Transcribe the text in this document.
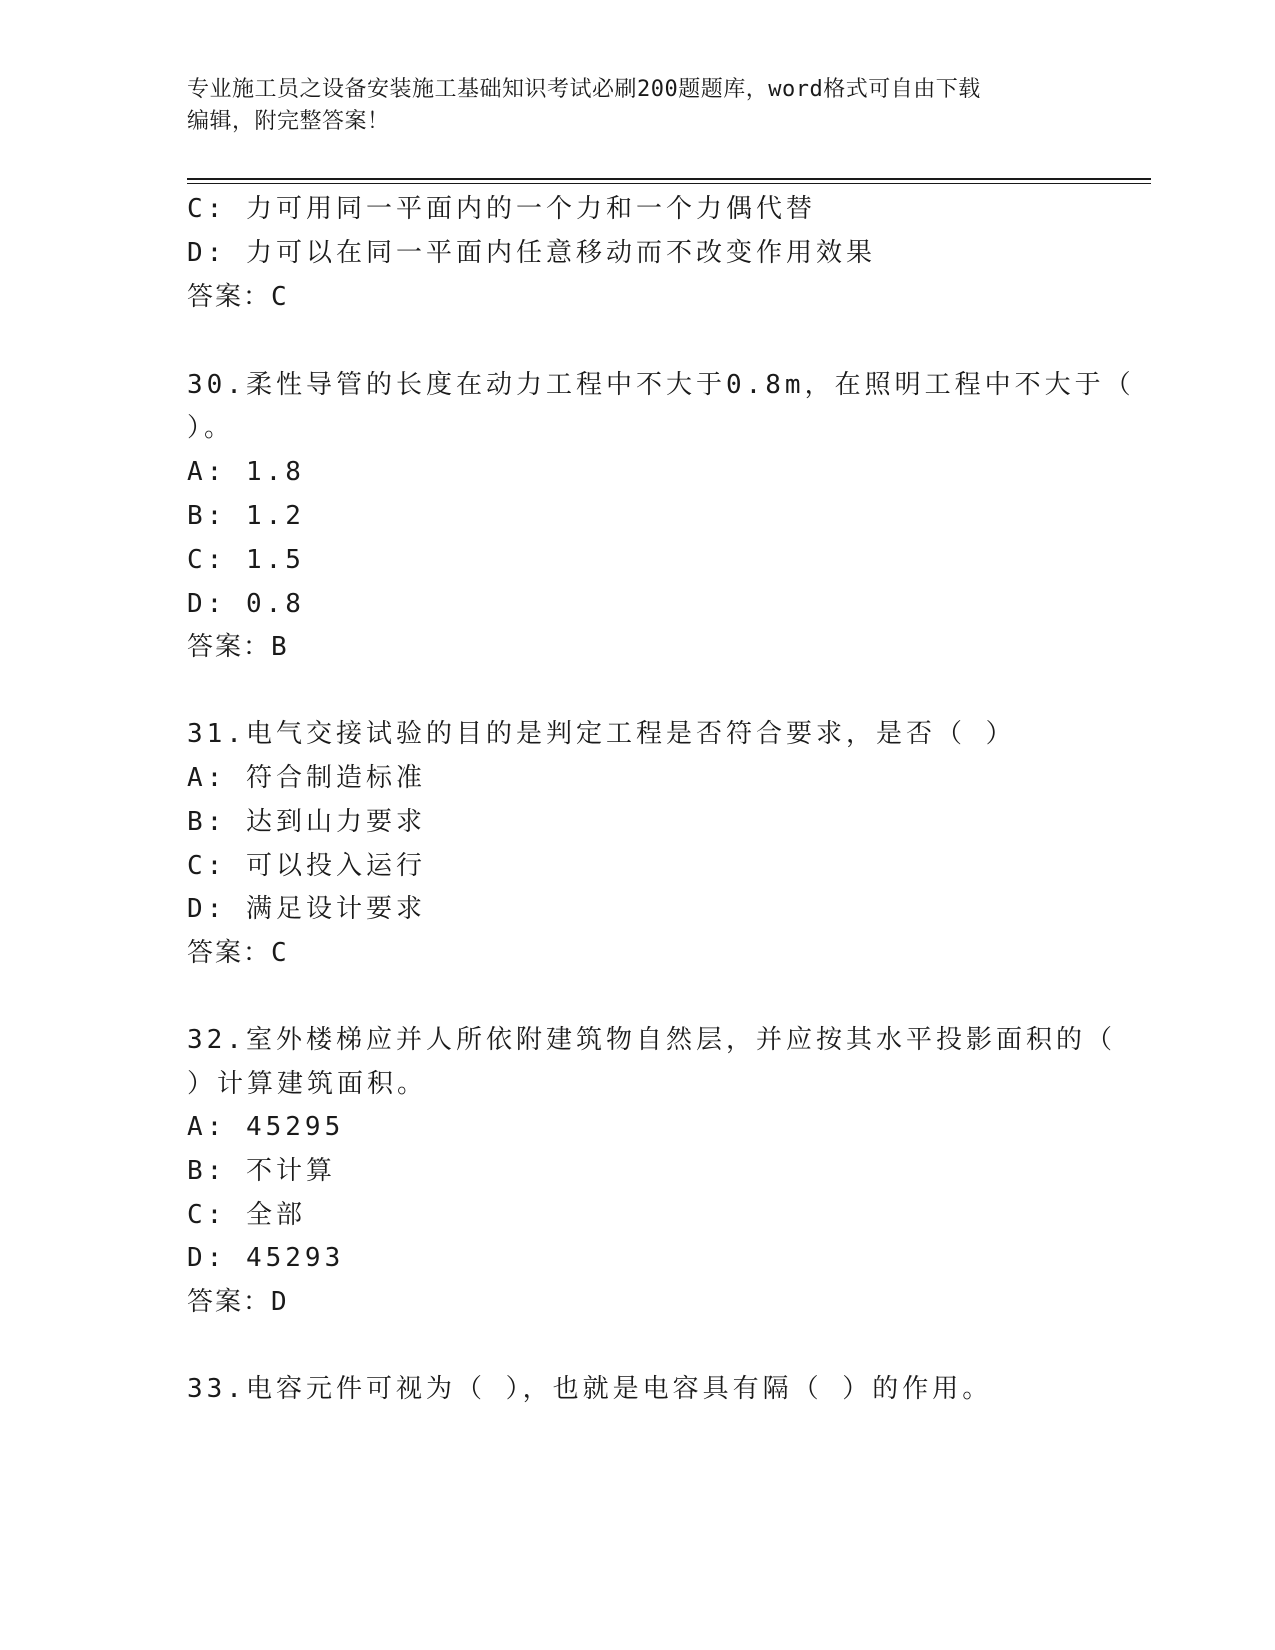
专业施工员之设备安装施工基础知识考试必刷200题题库，word格式可自由下载
编辑，附完整答案！
C: 力可用同一平面内的一个力和一个力偶代替
D: 力可以在同一平面内任意移动而不改变作用效果
答案：C
30.柔性导管的长度在动力工程中不大于0.8m，在照明工程中不大于（
）。
A: 1.8
B: 1.2
C: 1.5
D: 0.8
答案：B
31.电气交接试验的目的是判定工程是否符合要求，是否（ ）
A: 符合制造标准
B: 达到山力要求
C: 可以投入运行
D: 满足设计要求
答案：C
32.室外楼梯应并人所依附建筑物自然层，并应按其水平投影面积的（
）计算建筑面积。
A: 45295
B: 不计算
C: 全部
D: 45293
答案：D
33.电容元件可视为（ ），也就是电容具有隔（ ）的作用。
